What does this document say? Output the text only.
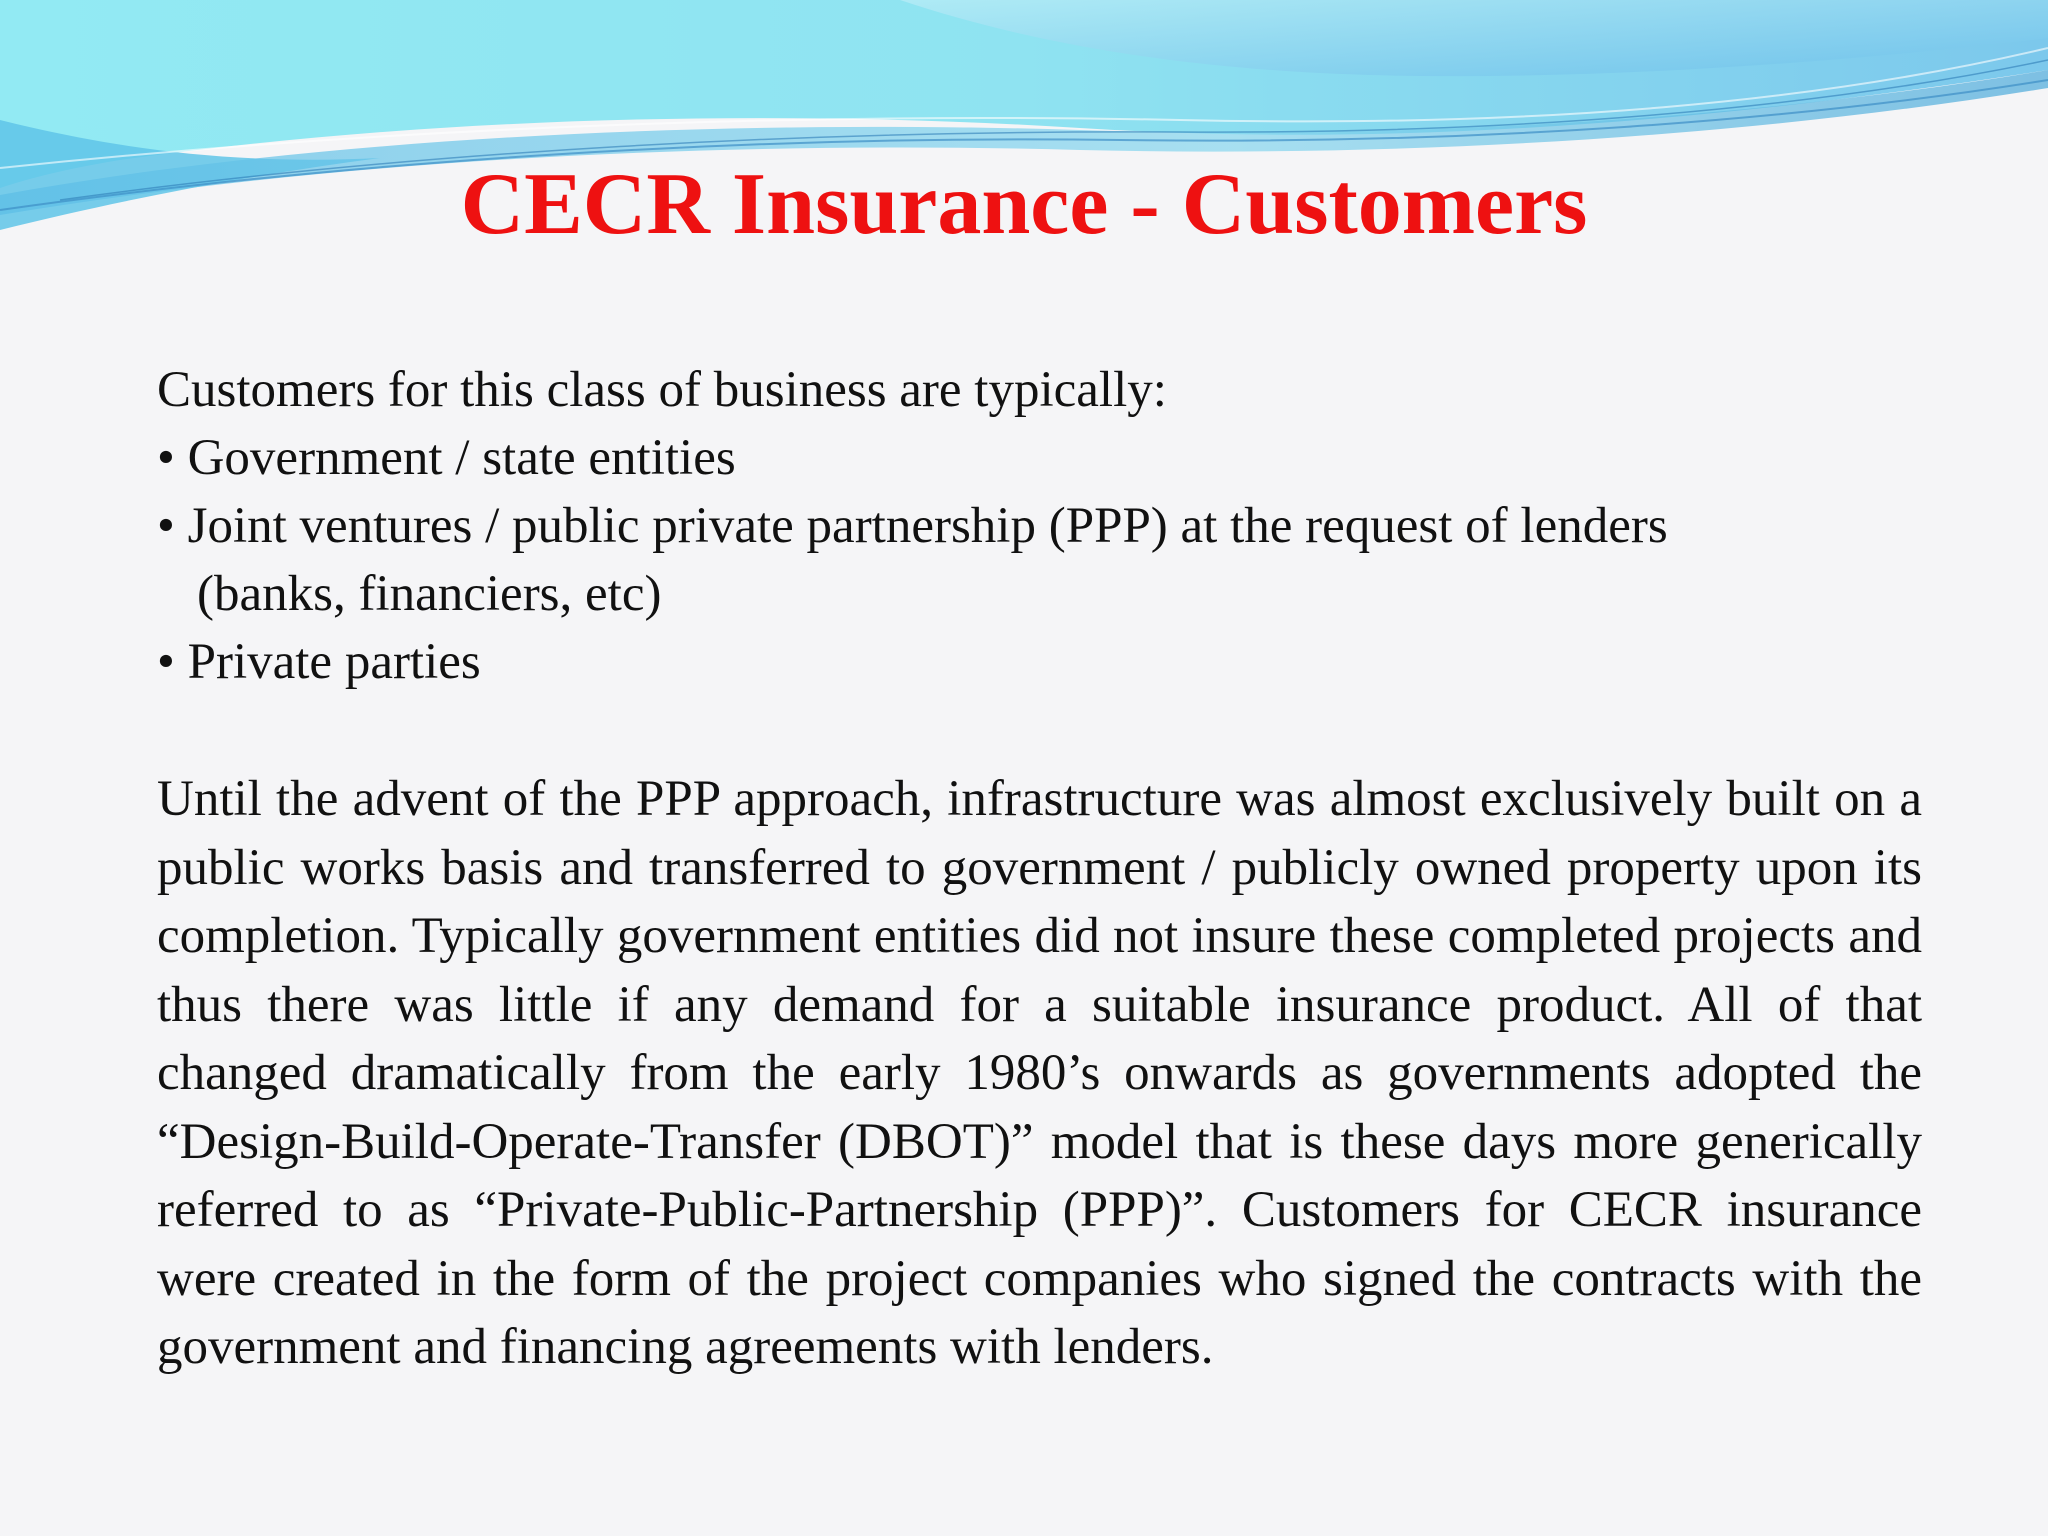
CECR Insurance - Customers
Customers for this class of business are typically:
• Government / state entities
• Joint ventures / public private partnership (PPP) at the request of lenders
(banks, financiers, etc)
• Private parties

Until the advent of the PPP approach, infrastructure was almost exclusively built on a public works basis and transferred to government / publicly owned property upon its completion. Typically government entities did not insure these completed projects and thus there was little if any demand for a suitable insurance product. All of that changed dramatically from the early 1980’s onwards as governments adopted the “Design-Build-Operate-Transfer (DBOT)” model that is these days more generically referred to as “Private-Public-Partnership (PPP)”. Customers for CECR insurance were created in the form of the project companies who signed the contracts with the government and financing agreements with lenders.
